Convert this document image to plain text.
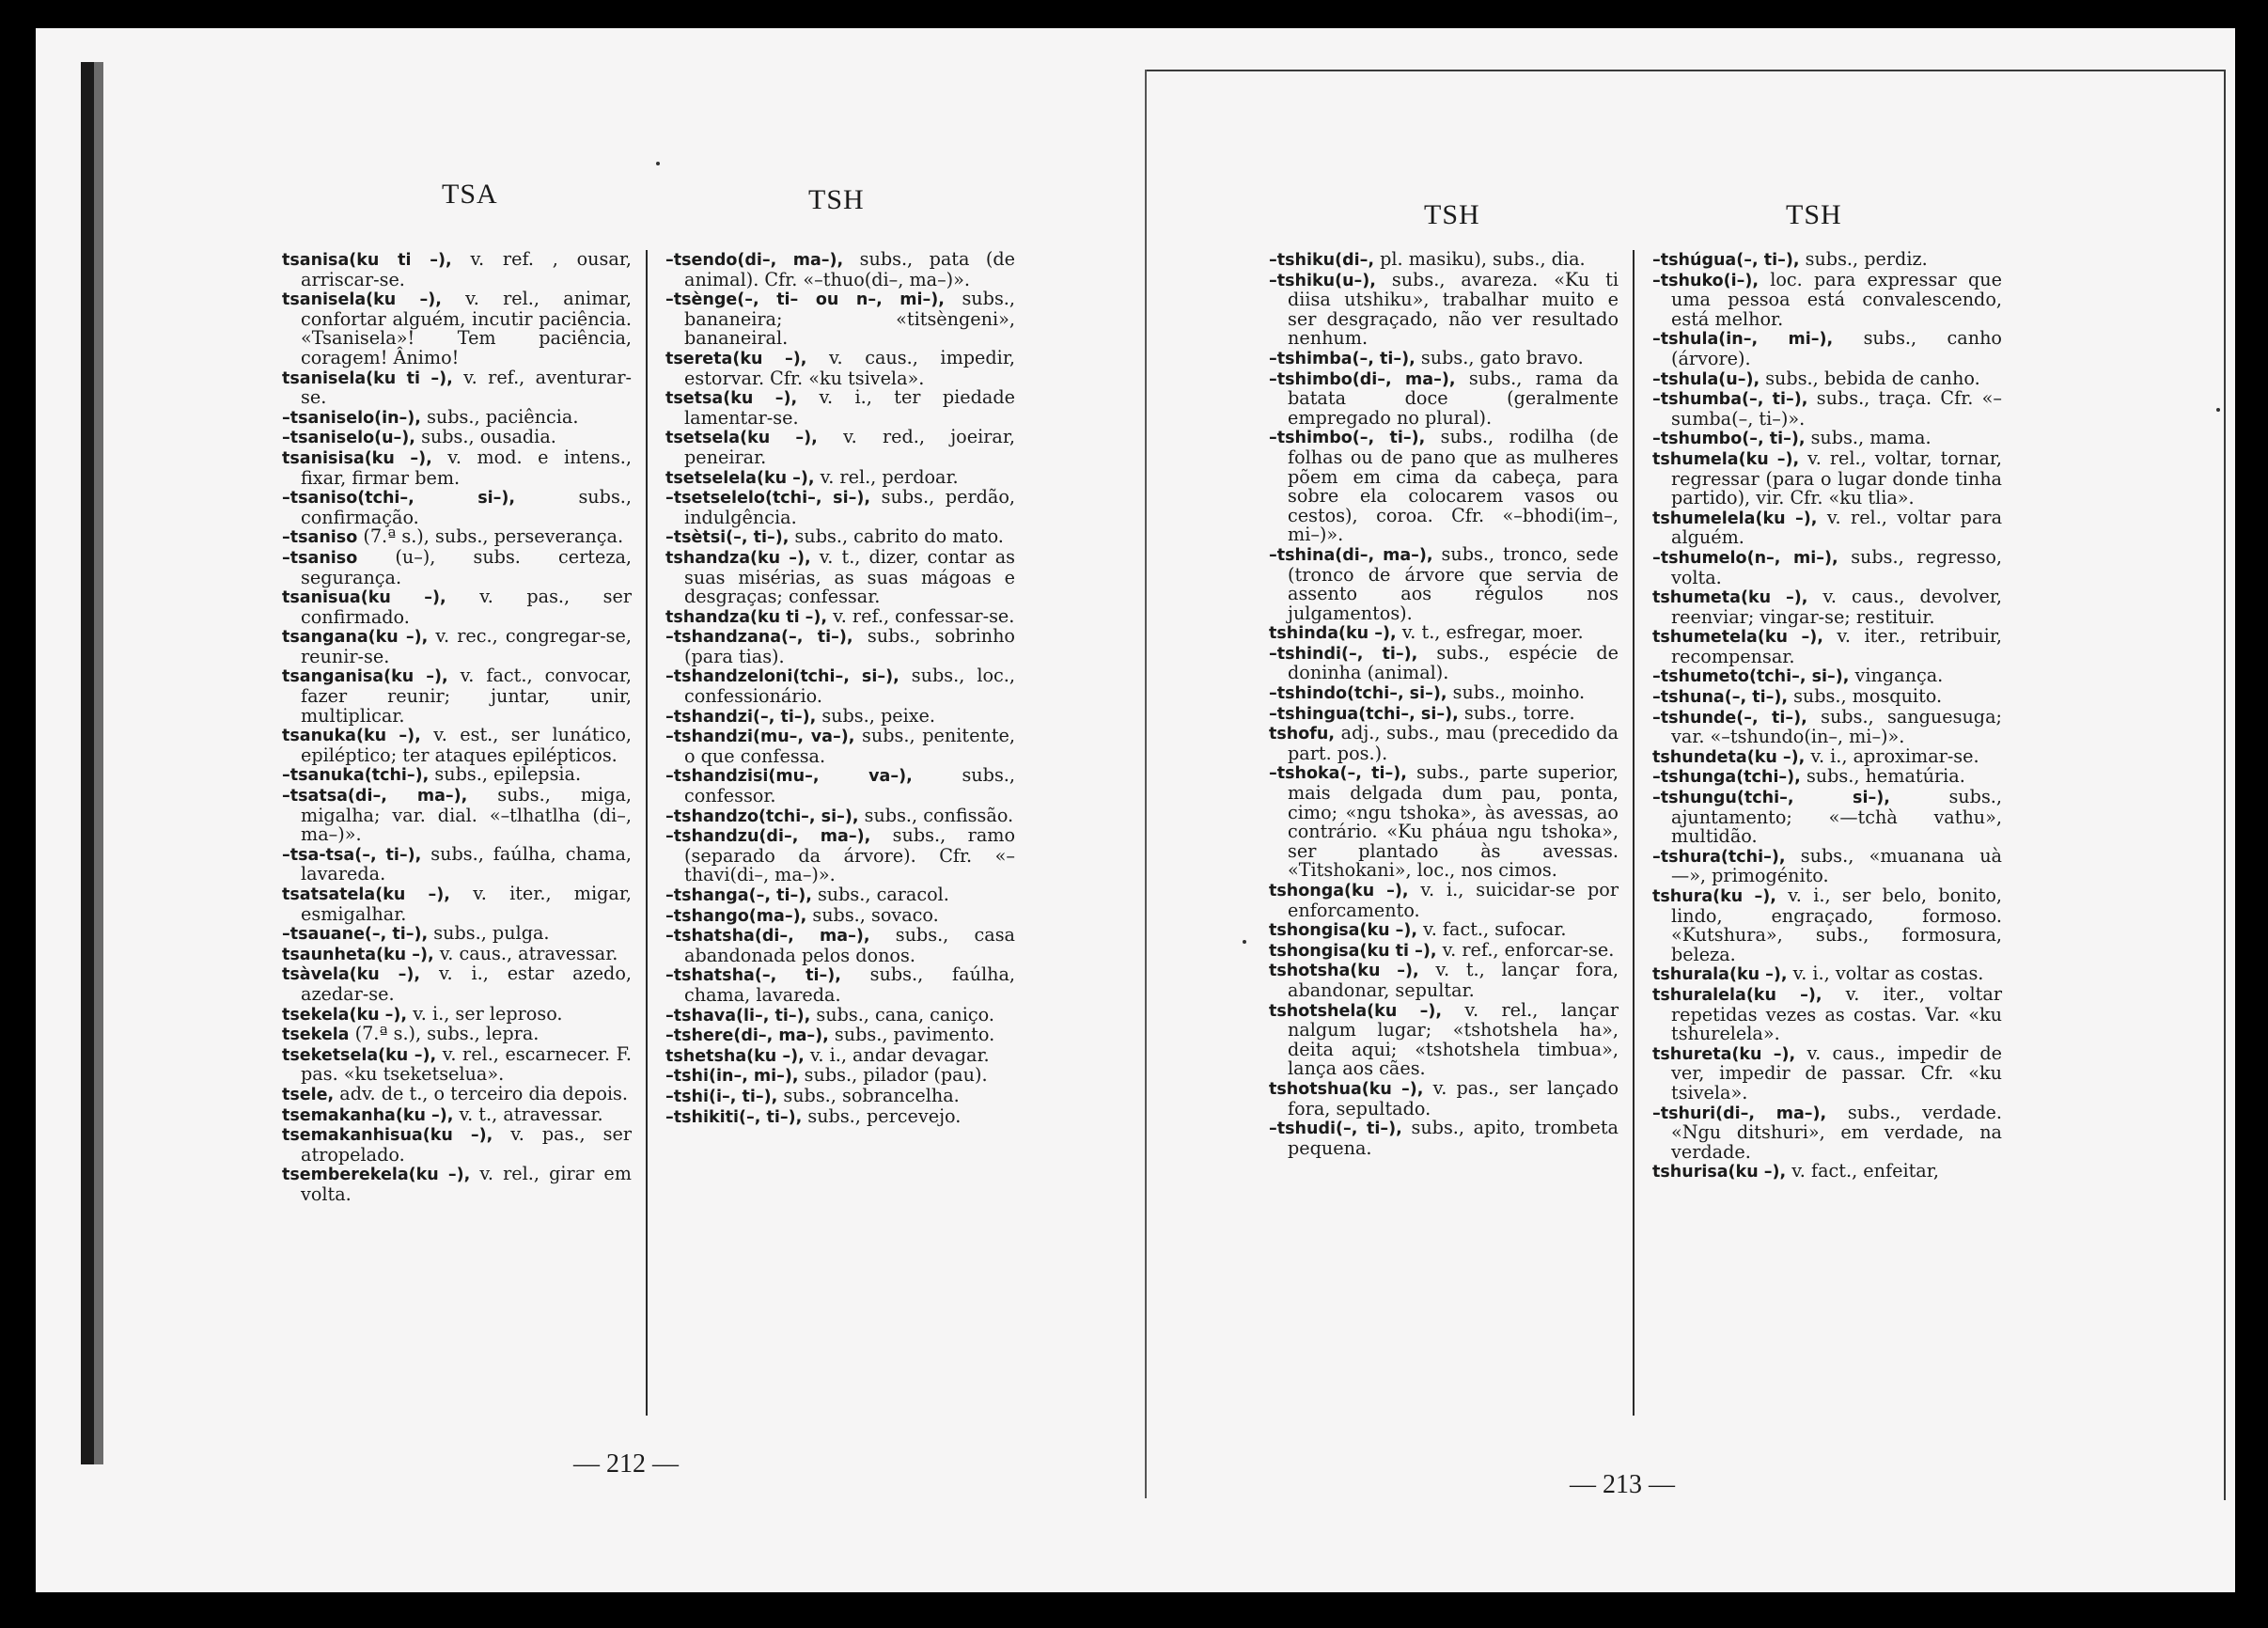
TSA	TSH

tsanisa(ku ti –), v. ref. , ousar, arriscar-se.

tsanisela(ku –), v. rel., animar, confortar alguém, incutir paciência. «Tsanisela»! Tem paciência, coragem! Ânimo!

tsanisela(ku ti –), v. ref., aventurar-se.

–tsaniselo(in–), subs., paciência.

–tsaniselo(u–), subs., ousadia.

tsanisisa(ku –), v. mod. e intens., fixar, firmar bem.

–tsaniso(tchi–, si–), subs., confirmação.

–tsaniso (7.ª s.), subs., perseverança.

–tsaniso (u–), subs. certeza, segurança.

tsanisua(ku –), v. pas., ser confirmado.

tsangana(ku –), v. rec., congregar-se, reunir-se.

tsanganisa(ku –), v. fact., convocar, fazer reunir; juntar, unir, multiplicar.

tsanuka(ku –), v. est., ser lunático, epiléptico; ter ataques epilépticos.

–tsanuka(tchi–), subs., epilepsia.

–tsatsa(di–, ma–), subs., miga, migalha; var. dial. «–tlhatlha (di–, ma–)».

–tsa-tsa(–, ti–), subs., faúlha, chama, lavareda.

tsatsatela(ku –), v. iter., migar, esmigalhar.

–tsauane(–, ti–), subs., pulga.

tsaunheta(ku –), v. caus., atravessar.

tsàvela(ku –), v. i., estar azedo, azedar-se.

tsekela(ku –), v. i., ser leproso.

tsekela (7.ª s.), subs., lepra.

tseketsela(ku –), v. rel., escarnecer. F. pas. «ku tseketselua».

tsele, adv. de t., o terceiro dia depois.

tsemakanha(ku –), v. t., atravessar.

tsemakanhisua(ku –), v. pas., ser atropelado.

tsemberekela(ku –), v. rel., girar em volta.

–tsendo(di–, ma–), subs., pata (de animal). Cfr. «–thuo(di–, ma–)».

–tsènge(–, ti– ou n–, mi–), subs., bananeira; «titsèngeni», bananeiral.

tsereta(ku –), v. caus., impedir, estorvar. Cfr. «ku tsivela».

tsetsa(ku –), v. i., ter piedade lamentar-se.

tsetsela(ku –), v. red., joeirar, peneirar.

tsetselela(ku –), v. rel., perdoar.

–tsetselelo(tchi–, si–), subs., perdão, indulgência.

–tsètsi(–, ti–), subs., cabrito do mato.

tshandza(ku –), v. t., dizer, contar as suas misérias, as suas mágoas e desgraças; confessar.

tshandza(ku ti –), v. ref., confessar-se.

–tshandzana(–, ti–), subs., sobrinho (para tias).

–tshandzeloni(tchi–, si–), subs., loc., confessionário.

–tshandzi(–, ti–), subs., peixe.

–tshandzi(mu–, va–), subs., penitente, o que confessa.

–tshandzisi(mu–, va–), subs., confessor.

–tshandzo(tchi–, si–), subs., confissão.

–tshandzu(di–, ma–), subs., ramo (separado da árvore). Cfr. «–thavi(di–, ma–)».

–tshanga(–, ti–), subs., caracol.

–tshango(ma–), subs., sovaco.

–tshatsha(di–, ma–), subs., casa abandonada pelos donos.

–tshatsha(–, ti–), subs., faúlha, chama, lavareda.

–tshava(li–, ti–), subs., cana, caniço.

–tshere(di–, ma–), subs., pavimento.

tshetsha(ku –), v. i., andar devagar.

–tshi(in–, mi–), subs., pilador (pau).

–tshi(i–, ti–), subs., sobrancelha.

–tshikiti(–, ti–), subs., percevejo.

— 212 —
TSH	TSH

–tshiku(di–, pl. masiku), subs., dia.

–tshiku(u–), subs., avareza. «Ku ti diisa utshiku», trabalhar muito e ser desgraçado, não ver resultado nenhum.

–tshimba(–, ti–), subs., gato bravo.

–tshimbo(di–, ma–), subs., rama da batata doce (geralmente empregado no plural).

–tshimbo(–, ti–), subs., rodilha (de folhas ou de pano que as mulheres põem em cima da cabeça, para sobre ela colocarem vasos ou cestos), coroa. Cfr. «–bhodi(im–, mi–)».

–tshina(di–, ma–), subs., tronco, sede (tronco de árvore que servia de assento aos régulos nos julgamentos).

tshinda(ku –), v. t., esfregar, moer.

–tshindi(–, ti–), subs., espécie de doninha (animal).

–tshindo(tchi–, si–), subs., moinho.

–tshingua(tchi–, si–), subs., torre.

tshofu, adj., subs., mau (precedido da part. pos.).

–tshoka(–, ti–), subs., parte superior, mais delgada dum pau, ponta, cimo; «ngu tshoka», às avessas, ao contrário. «Ku pháua ngu tshoka», ser plantado às avessas. «Titshokani», loc., nos cimos.

tshonga(ku –), v. i., suicidar-se por enforcamento.

tshongisa(ku –), v. fact., sufocar.

tshongisa(ku ti –), v. ref., enforcar-se.

tshotsha(ku –), v. t., lançar fora, abandonar, sepultar.

tshotshela(ku –), v. rel., lançar nalgum lugar; «tshotshela ha», deita aqui; «tshotshela timbua», lança aos cães.

tshotshua(ku –), v. pas., ser lançado fora, sepultado.

–tshudi(–, ti–), subs., apito, trombeta pequena.

–tshúgua(–, ti–), subs., perdiz.

–tshuko(i–), loc. para expressar que uma pessoa está convalescendo, está melhor.

–tshula(in–, mi–), subs., canho (árvore).

–tshula(u–), subs., bebida de canho.

–tshumba(–, ti–), subs., traça. Cfr. «–sumba(–, ti–)».

–tshumbo(–, ti–), subs., mama.

tshumela(ku –), v. rel., voltar, tornar, regressar (para o lugar donde tinha partido), vir. Cfr. «ku tlia».

tshumelela(ku –), v. rel., voltar para alguém.

–tshumelo(n–, mi–), subs., regresso, volta.

tshumeta(ku –), v. caus., devolver, reenviar; vingar-se; restituir.

tshumetela(ku –), v. iter., retribuir, recompensar.

–tshumeto(tchi–, si–), vingança.

–tshuna(–, ti–), subs., mosquito.

–tshunde(–, ti–), subs., sanguesuga; var. «–tshundo(in–, mi–)».

tshundeta(ku –), v. i., aproximar-se.

–tshunga(tchi–), subs., hematúria.

–tshungu(tchi–, si–), subs., ajuntamento; «—tchà vathu», multidão.

–tshura(tchi–), subs., «muanana uà—», primogénito.

tshura(ku –), v. i., ser belo, bonito, lindo, engraçado, formoso. «Kutshura», subs., formosura, beleza.

tshurala(ku –), v. i., voltar as costas.

tshuralela(ku –), v. iter., voltar repetidas vezes as costas. Var. «ku tshurelela».

tshureta(ku –), v. caus., impedir de ver, impedir de passar. Cfr. «ku tsivela».

–tshuri(di–, ma–), subs., verdade. «Ngu ditshuri», em verdade, na verdade.

tshurisa(ku –), v. fact., enfeitar,

— 213 —
